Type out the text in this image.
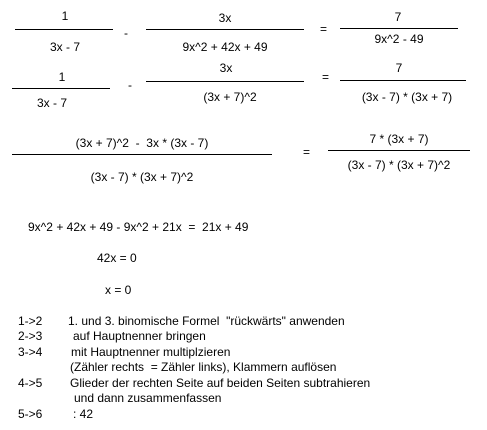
1
3x - 7
-
3x
9x^2 + 42x + 49
=
7
9x^2 - 49
1
3x - 7
-
3x
(3x + 7)^2
=
7
(3x - 7) * (3x + 7)
(3x + 7)^2  -  3x * (3x - 7)
(3x - 7) * (3x + 7)^2
=
7 * (3x + 7)
(3x - 7) * (3x + 7)^2
9x^2 + 42x + 49 - 9x^2 + 21x  =  21x + 49
42x = 0
x = 0
1->2 1. und 3. binomische Formel  "rückwärts" anwenden
2->3	auf Hauptnenner bringen
3->4 mit Hauptnenner multiplzieren
(Zähler rechts  = Zähler links), Klammern auflösen
4->5 Glieder der rechten Seite auf beiden Seiten subtrahieren
und dann zusammenfassen
5->6	: 42
